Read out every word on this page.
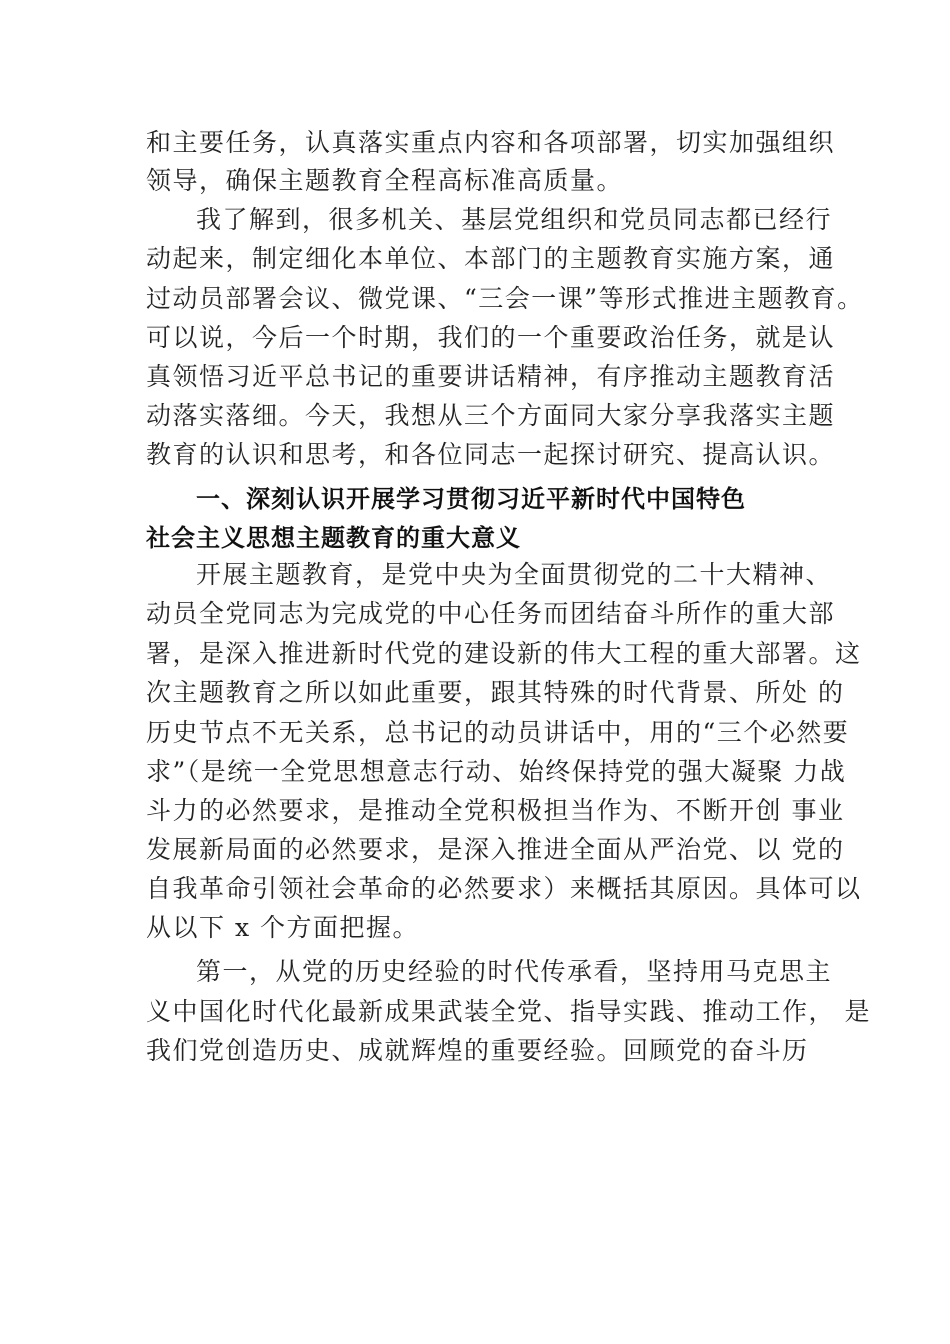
和主要任务，认真落实重点内容和各项部署，切实加强组织
领导，确保主题教育全程高标准高质量。
我了解到，很多机关、基层党组织和党员同志都已经行
动起来，制定细化本单位、本部门的主题教育实施方案，通
过动员部署会议、微党课、“三会一课”等形式推进主题教育。
可以说，今后一个时期，我们的一个重要政治任务，就是认
真领悟习近平总书记的重要讲话精神，有序推动主题教育活
动落实落细。今天，我想从三个方面同大家分享我落实主题
教育的认识和思考，和各位同志一起探讨研究、提高认识。
一、深刻认识开展学习贯彻习近平新时代中国特色
社会主义思想主题教育的重大意义
开展主题教育，是党中央为全面贯彻党的二十大精神、
动员全党同志为完成党的中心任务而团结奋斗所作的重大部
署，是深入推进新时代党的建设新的伟大工程的重大部署。这
次主题教育之所以如此重要，跟其特殊的时代背景、所处 的
历史节点不无关系，总书记的动员讲话中，用的“三个必然要
求”（是统一全党思想意志行动、始终保持党的强大凝聚 力战
斗力的必然要求，是推动全党积极担当作为、不断开创 事业
发展新局面的必然要求，是深入推进全面从严治党、以 党的
自我革命引领社会革命的必然要求）来概括其原因。具体可以
从以下 x 个方面把握。
第一，从党的历史经验的时代传承看，坚持用马克思主
义中国化时代化最新成果武装全党、指导实践、推动工作， 是
我们党创造历史、成就辉煌的重要经验。回顾党的奋斗历
